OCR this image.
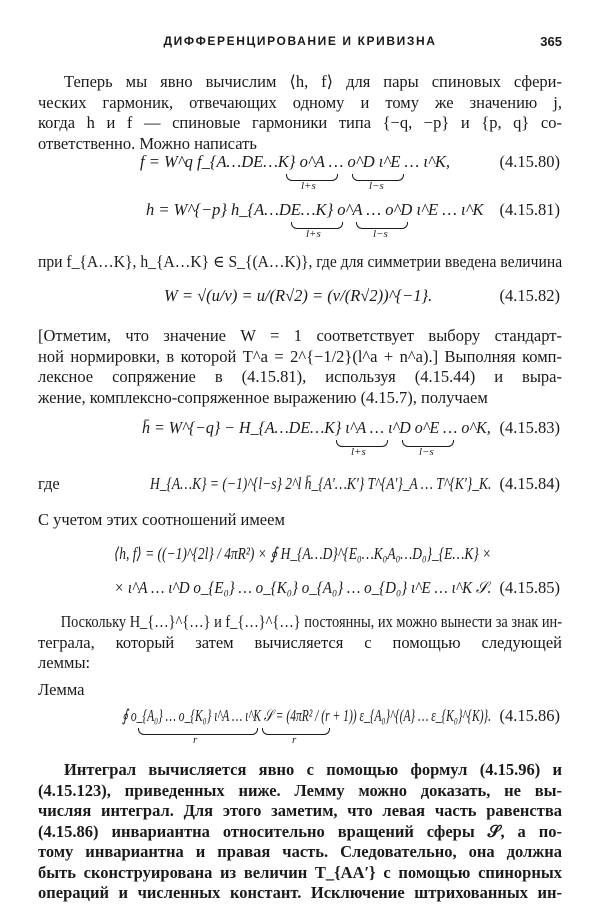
ДИФФЕРЕНЦИРОВАНИЕ И КРИВИЗНА	365

Теперь мы явно вычислим ⟨h, f⟩ для пары спиновых сфери-

ческих гармоник, отвечающих одному и тому же значению j,

когда h и f — спиновые гармоники типа {−q, −p} и {p, q} со-

ответственно. Можно написать

f = W^q f_{A…DE…K} o^A … o^D ι^E … ι^K,
l+s	l−s
(4.15.80)
h = W^{−p} h_{A…DE…K} o^A … o^D ι^E … ι^K
l+s	l−s
(4.15.81)

при f_{A…K}, h_{A…K} ∈ S_{(A…K)}, где для симметрии введена величина

W = √(u/v) = u/(R√2) = (v/(R√2))^{−1}.	(4.15.82)

[Отметим, что значение W = 1 соответствует выбору стандарт-

ной нормировки, в которой T^a = 2^{−1/2}(l^a + n^a).] Выполняя комп-

лексное сопряжение в (4.15.81), используя (4.15.44) и выра-

жение, комплексно-сопряженное выражению (4.15.7), получаем

h̄ = W^{−q} − H_{A…DE…K} ι^A … ι^D o^E … o^K,
l+s	l−s
(4.15.83)
где	H_{A…K} = (−1)^{l−s} 2^l h̄_{A′…K′} T^{A′}_A … T^{K′}_K. (4.15.84)

С учетом этих соотношений имеем

⟨h, f⟩ = ((−1)^{2l} / 4πR²) × ∮ H_{A…D}^{E₀…K₀A₀…D₀}_{E…K} ×
× ι^A … ι^D o_{E₀} … o_{K₀} o_{A₀} … o_{D₀} ι^E … ι^K 𝒮. (4.15.85)

Поскольку H_{…}^{…} и f_{…}^{…} постоянны, их можно вынести за знак ин-

теграла, который затем вычисляется с помощью следующей

леммы:

Лемма
∮ o_{A₀} … o_{K₀} ι^A … ι^K 𝒮 = (4πR² / (r + 1)) ε_{A₀}^{(A} … ε_{K₀}^{K)}.
r	r
(4.15.86)

Интеграл вычисляется явно с помощью формул (4.15.96) и

(4.15.123), приведенных ниже. Лемму можно доказать, не вы-

числяя интеграл. Для этого заметим, что левая часть равенства

(4.15.86) инвариантна относительно вращений сферы 𝒮, а по-

тому инвариантна и правая часть. Следовательно, она должна

быть сконструирована из величин T_{AA′} с помощью спинорных

операций и численных констант. Исключение штрихованных ин-
